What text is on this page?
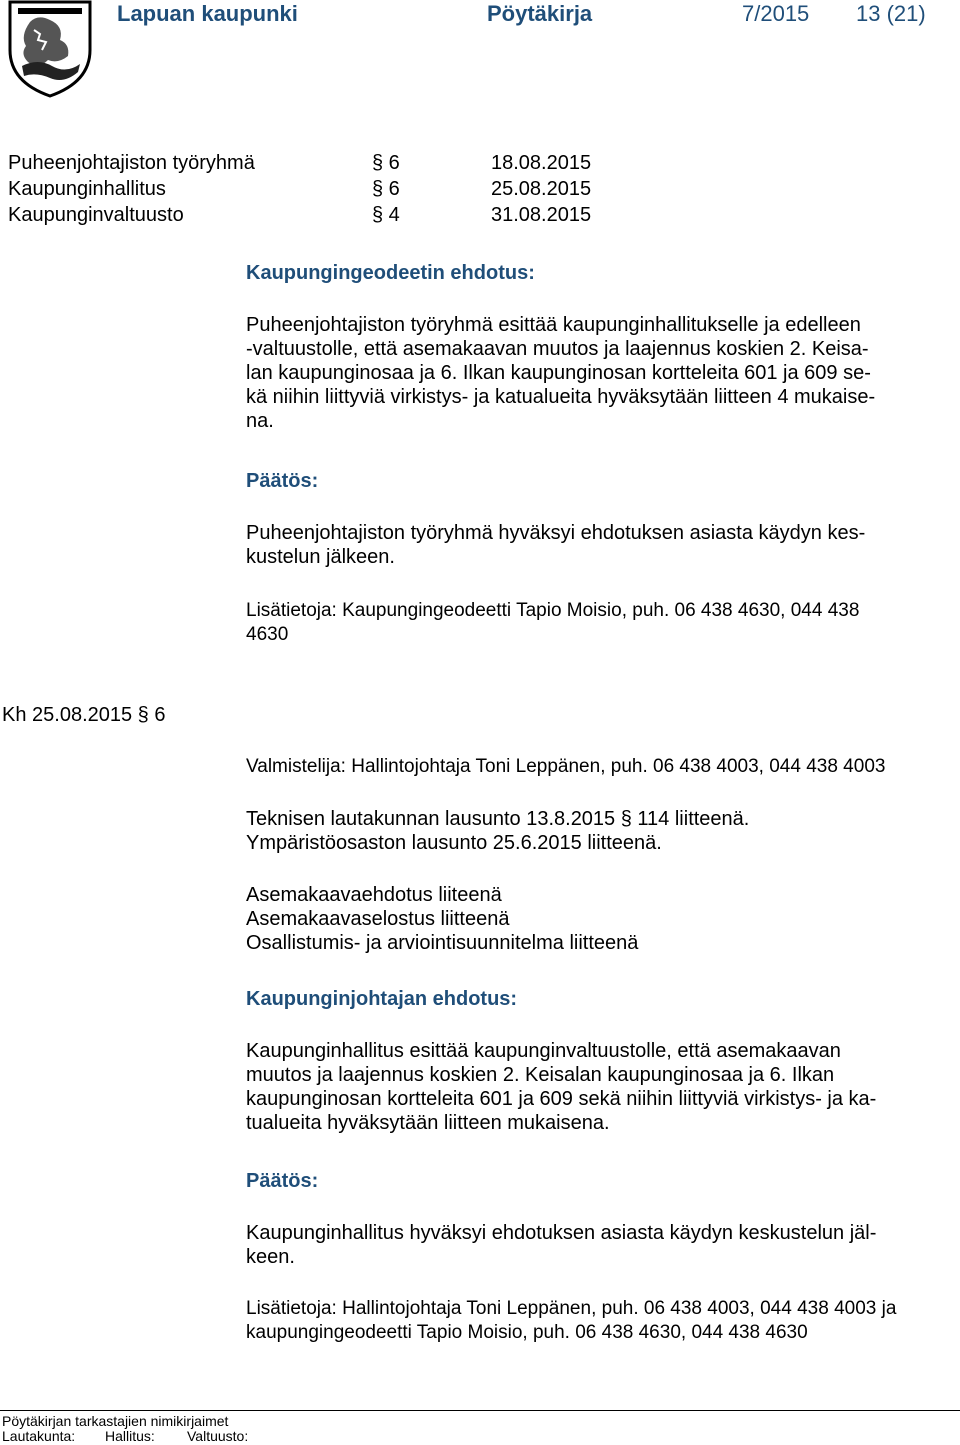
Lapuan kaupunki	Pöytäkirja	7/2015 13 (21)
Puheenjohtajiston työryhmä	§ 6	18.08.2015
Kaupunginhallitus	§ 6	25.08.2015
Kaupunginvaltuusto	§ 4	31.08.2015
Kaupungingeodeetin ehdotus:
Puheenjohtajiston työryhmä esittää kaupunginhallitukselle ja edelleen
-valtuustolle, että asemakaavan muutos ja laajennus koskien 2. Keisa-
lan kaupunginosaa ja 6. Ilkan kaupunginosan kortteleita 601 ja 609 se-
kä niihin liittyviä virkistys- ja katualueita hyväksytään liitteen 4 mukaise-
na.
Päätös:
Puheenjohtajiston työryhmä hyväksyi ehdotuksen asiasta käydyn kes-
kustelun jälkeen.
Lisätietoja: Kaupungingeodeetti Tapio Moisio, puh. 06 438 4630, 044 438
4630
Kh 25.08.2015 § 6
Valmistelija: Hallintojohtaja Toni Leppänen, puh. 06 438 4003, 044 438 4003
Teknisen lautakunnan lausunto 13.8.2015 § 114 liitteenä.
Ympäristöosaston lausunto 25.6.2015 liitteenä.
Asemakaavaehdotus liiteenä
Asemakaavaselostus liitteenä
Osallistumis- ja arviointisuunnitelma liitteenä
Kaupunginjohtajan ehdotus:
Kaupunginhallitus esittää kaupunginvaltuustolle, että asemakaavan
muutos ja laajennus koskien 2. Keisalan kaupunginosaa ja 6. Ilkan
kaupunginosan kortteleita 601 ja 609 sekä niihin liittyviä virkistys- ja ka-
tualueita hyväksytään liitteen mukaisena.
Päätös:
Kaupunginhallitus hyväksyi ehdotuksen asiasta käydyn keskustelun jäl-
keen.
Lisätietoja: Hallintojohtaja Toni Leppänen, puh. 06 438 4003, 044 438 4003 ja
kaupungingeodeetti Tapio Moisio, puh. 06 438 4630, 044 438 4630
Pöytäkirjan tarkastajien nimikirjaimet
Lautakunta: Hallitus: Valtuusto:
